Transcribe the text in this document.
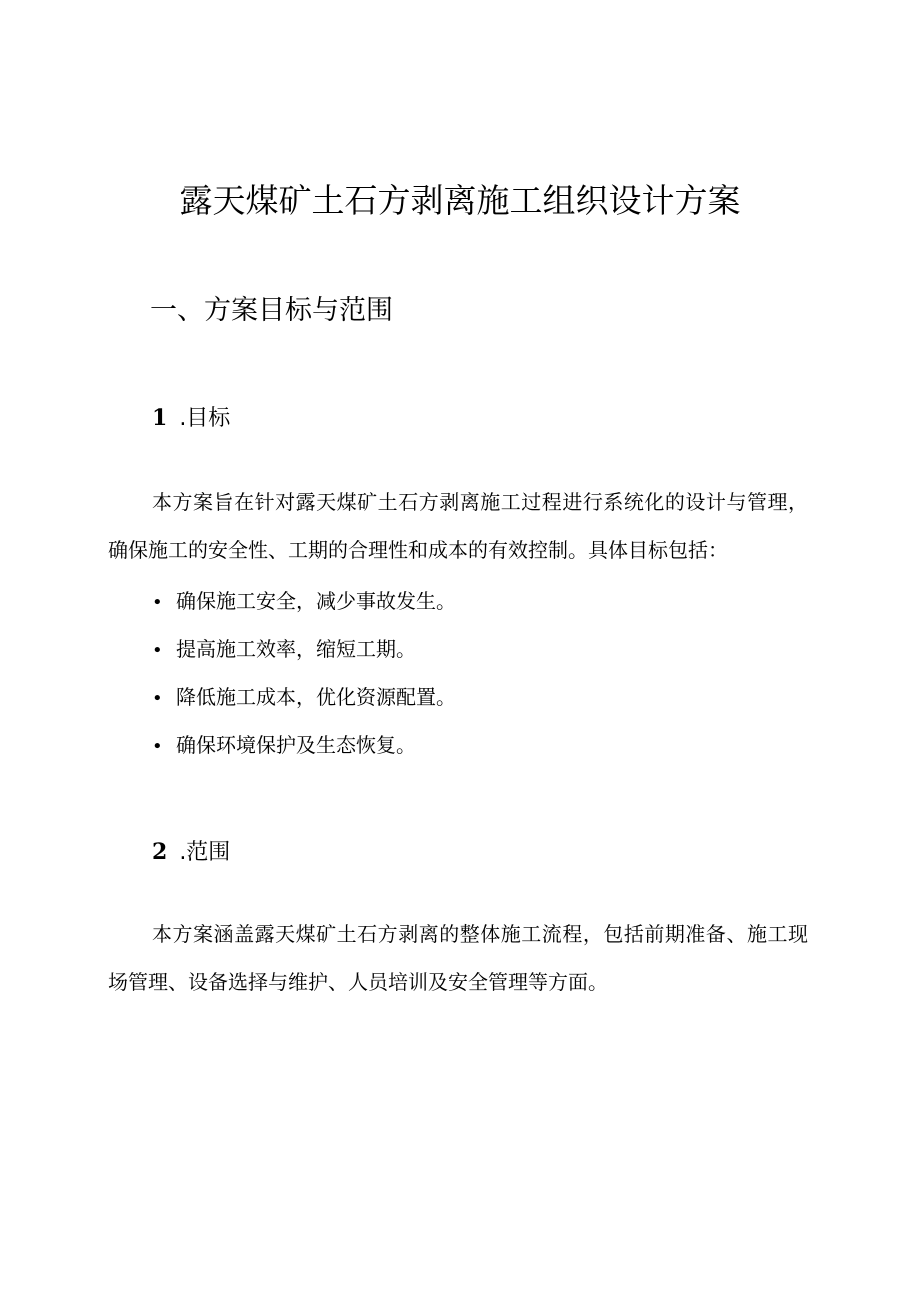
露天煤矿土石方剥离施工组织设计方案
一、方案目标与范围
1 .目标

本方案旨在针对露天煤矿土石方剥离施工过程进行系统化的设计与管理，确保施工的安全性、工期的合理性和成本的有效控制。具体目标包括：

• 确保施工安全，减少事故发生。
• 提高施工效率，缩短工期。
• 降低施工成本，优化资源配置。
• 确保环境保护及生态恢复。
2 .范围

本方案涵盖露天煤矿土石方剥离的整体施工流程，包括前期准备、施工现场管理、设备选择与维护、人员培训及安全管理等方面。
